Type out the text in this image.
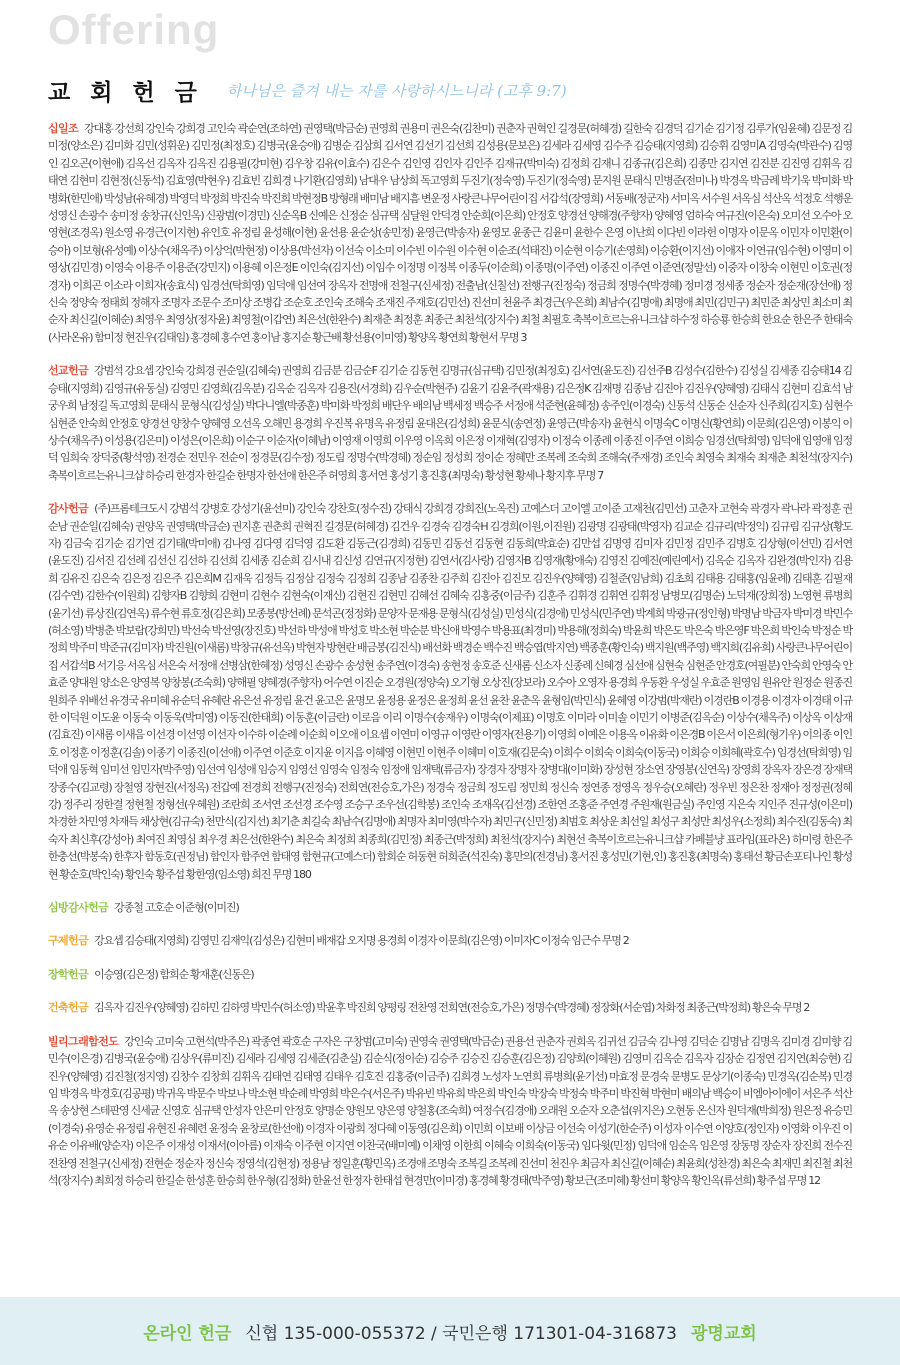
Offering
교 회 헌 금 하나님은 즐겨 내는 자를 사랑하시느니라 (고후 9:7)
십일조 강대홍 강선희 강인숙 강희경 고인숙 곽순연(조하연) 권영택(박금순) 권영희 권용미 권은숙(김찬미) 권춘자 권혁인 길경문(허혜경) 길한숙 김경덕 김기순 김기정 김루가(임윤혜) 김문정 김미정(양소은) 김미화 김민(성휘운) 김민정(최정호) 김병국(윤승애) 김병순 김삼희 김서연 김선기 김선희 김성용(문보은) 김세라 김세영 김수주 김승태(지영희) 김승휘 김영미A 김영숙(박관수) 김영인 김오곤(이현애) 김옥선 김옥자 김옥진 김용필(강미현) 김우창 김유(이효수) 김은수 김인영 김인자 김인주 김재규(박미숙) 김정희 김재니 김종규(김은희) 김종만 김지연 김진분 김진영 김휘옥 김태연 김현미 김현정(신동석) 김효영(박현우) 김효빈 김희경 나기환(김영희) 남대우 남상희 독고영희 두진기(정숙영) 두진기(정숙영) 문지원 문태식 민병준(전미나) 박경옥 박금례 박기욱 박미화 박병화(한민애) 박성남(유혜경) 박영덕 박정희 박진숙 박진희 박현정B 방형래 배미남 배지흠 변운정 사랑큰나무어린이집 서갑석(장영희) 서동배(정군자) 서미옥 서수원 서옥심 석산옥 석정호 석행운 성영신 손광수 송미정 송창규(신인옥) 신광범(이경민) 신순옥B 신예은 신정순 심규택 심달원 안덕경 안순희(이은희) 안정호 양경선 양해경(주향자) 양혜영 엄하숙 여규진(이은숙) 오미선 오수아 오영현(조경옥) 원소영 유경근(이지현) 유인호 유정림 윤성해(이현) 윤선용 윤순상(송민정) 윤영근(박송자) 윤영모 윤종근 김윤미 윤한수 은영 이난희 이다빈 이라헌 이명자 이문옥 이민자 이민환(이승아) 이보형(유성예) 이상수(채옥주) 이상억(박현정) 이상용(박선자) 이선숙 이소미 이수빈 이수원 이수현 이순조(석태진) 이순현 이승기(손영희) 이승환(이지선) 이애자 이연규(임수현) 이영미 이영상(김민경) 이영숙 이용주 이용준(강민지) 이용혜 이은정E 이인숙(김지선) 이임수 이정명 이정복 이종두(이순희) 이종명(이주연) 이종진 이주연 이준연(정말선) 이중자 이창숙 이현민 이호권(정경자) 이희곤 이소라 이희자(송효식) 임경선(탁희영) 임덕애 임선여 장옥자 전명애 전철구(신세정) 전출남(신칠선) 전행구(진정숙) 정금희 정명수(박경혜) 정미경 정세종 정순자 정순재(장선애) 정신숙 정양숙 정태희 정해자 조명자 조문수 조미상 조병갑 조순호 조인숙 조해숙 조재진 주재호(김민선) 진선미 천윤주 최경근(우은희) 최남수(김명애) 최명애 최민(김민구) 최민준 최상민 최소미 최순자 최신길(이혜순) 최영우 최영상(정자윤) 최영철(이갑연) 최은선(한완수) 최재춘 최정훈 최종근 최천석(장지수) 최철 최필호 축복이흐르는유니크샵 하수정 하승룡 한승희 한요순 한은주 한태숙(사라온유) 함미정 현진우(김태임) 홍경혜 홍수연 홍이남 홍지순 황근배 황선용(이미영) 황양옥 황연희 황현서 무명 3
선교헌금 강범석 강요셉 강인숙 강희경 권순일(김혜숙) 권영희 김금분 김금순F 김기순 김동현 김명규(심규택) 김민정(최정호) 김서연(윤도진) 김선주B 김성수(김한수) 김성실 김세종 김승태14 김승태(지영희) 김영규(유동실) 김영민 김영희(김옥분) 김옥순 김옥자 김용진(서경희) 김우순(박현주) 김윤기 김윤주(곽재용) 김은정K 김재명 김종남 김진아 김진우(양혜영) 김태식 김현미 김효석 남궁우희 남정길 독고영희 문태식 문형식(김성실) 박다니엘(박종훈) 박미화 박정희 배단우 배의남 백세정 백승주 서정애 석준현(윤혜정) 송주인(이경숙) 신동석 신동순 신순자 신주희(김지호) 심현수 심현준 안숙희 안정호 양경선 양창수 양혜영 오선옥 오해민 용경희 우진복 유명옥 유정림 윤대은(김성희) 윤문식(송연정) 윤영근(박송자) 윤현식 이명숙C 이명신(황연희) 이문희(김은영) 이봉익 이상수(채옥주) 이성용(김은미) 이성은(이은희) 이순구 이순자(이혜남) 이영재 이영희 이우영 이옥희 이은정 이재혁(김영자) 이정숙 이종례 이종진 이주연 이희승 임경선(탁희영) 임덕애 임영애 임정덕 임희숙 장덕중(황석영) 전경순 전민우 전순이 정경문(김수정) 정도림 정명수(박경혜) 정순임 정성희 정이순 정혜만 조복례 조숙희 조해숙(주재경) 조인숙 최영숙 최재숙 최재춘 최천석(장지수) 축복이흐르는유니크샵 하승리 한경자 한길순 한명자 한선애 한은주 허영희 홍서연 홍성기 홍진홍(최명숙) 황성현 황세나 황지후 무명 7
감사헌금 (주)프롬테크도시 강범석 강병호 강성기(윤선미) 강인숙 강찬호(정수진) 강태식 강희경 강희진(노옥진) 고예스더 고이엘 고이준 고재천(김민선) 고춘자 고현숙 곽경자 곽나라 곽정훈 권순남 권순일(김혜숙) 권양옥 권영택(박금순) 권지훈 권춘희 권혁진 길경문(허혜경) 김건우 김경숙 김경숙H 김경희(이원,이진원) 김광명 김광태(박영자) 김교순 김규리(박정익) 김규림 김규상(황도자) 김금숙 김기순 김기연 김기태(박미애) 김나영 김다영 김덕영 김도환 김동근(김경희) 김동민 김동선 김동현 김동희(박효순) 김만섭 김명영 김미자 김민정 김민주 김병호 김상형(이선민) 김서연(윤도진) 김서진 김선례 김선신 김선하 김선희 김세종 김순희 김시내 김신성 김연규(지정현) 김연서(김사랑) 김영자B 김영재(황애숙) 김영진 김예진(예린예서) 김옥순 김옥자 김완경(박인자) 김용희 김유진 김은숙 김은정 김은주 김은희M 김재욱 김정득 김정삼 김정숙 김정희 김종남 김종찬 김주희 김진아 김진모 김진우(양혜영) 김철준(임남희) 김초희 김태용 김태홍(임윤례) 김태훈 김필재(김수연) 김한수(이원희) 김향자B 김향희 김현미 김현수 김현숙(이재신) 김현진 김현민 김혜선 김혜숙 김홍중(이금주) 김훈주 김휘경 김휘연 김휘정 남병모(김명순) 노덕재(장희정) 노영현 류병희(윤기선) 류상진(김연옥) 류수현 류호정(김은희) 모종봉(방선례) 문석곤(정정화) 문양자 문재용 문형식(김성실) 민성식(김경애) 민성식(민주연) 박계희 박광규(정인형) 박명남 박금자 박미경 박민수(허소영) 박병춘 박보람(강희민) 박선숙 박선영(장진호) 박선하 박성애 박성호 박소현 박순분 박신애 박영수 박용표(최경미) 박용해(정희숙) 박윤희 박은도 박은숙 박은영F 박은희 박인숙 박정순 박정희 박주미 박준규(김미자) 박진원(이새롬) 박창규(유선옥) 박현자 방현란 배금봉(김진식) 배선화 백경순 백수진 백승엽(박지연) 백종훈(황인숙) 백지원(백주영) 백지희(김유희) 사랑큰나무어린이집 서갑석B 서기응 서옥심 서은숙 서정애 선병삼(한혜정) 성영신 손광수 송성현 송주연(이경숙) 송현정 송호준 신새롬 신소자 신종례 신혜경 심선애 심현숙 심현준 안경호(여필분) 안숙희 안영숙 안효준 양대원 양소은 양영복 양창봉(조숙희) 양해필 양혜경(주향자) 어수연 이진순 오경원(정양숙) 오기형 오상진(장보라) 오수아 오영자 용경희 우동환 우성실 우효준 원영임 원유안 원정순 원종진 원희주 위배선 유경국 유미혜 유순덕 유혜란 유은선 유정림 윤건 윤고은 윤명모 윤정용 윤정은 윤정희 윤선 윤찬 윤춘옥 윤형임(박민식) 윤혜영 이강범(박재란) 이경란B 이경용 이경자 이경태 이규한 이덕원 이도윤 이동숙 이동욱(박미영) 이동진(한태희) 이동훈(이금란) 이로음 이리 이명수(송재우) 이명숙(이제표) 이명호 이미라 이미솔 이민기 이병준(김옥순) 이상수(채옥주) 이상옥 이상재(김효진) 이새롬 이새음 이선경 이선영 이선자 이수하 이순례 이순희 이오애 이요셉 이연미 이영규 이영란 이영자(전용기) 이영희 이예은 이용옥 이유화 이은경B 이은서 이은희(형기우) 이의종 이인호 이정훈 이정훈(김솔) 이종기 이종진(이선애) 이주연 이준호 이지윤 이지음 이혜영 이현민 이현주 이혜미 이호재(김문숙) 이희수 이희숙 이희숙(이동국) 이희승 이희혜(곽호수) 임경선(탁희영) 임덕애 임동혁 임미선 임민자(박주영) 임선여 임성애 임승지 임영선 임영숙 임정숙 임정애 임재택(류금자) 장경자 장명자 장병대(이미화) 장성현 장소연 장영봉(신연옥) 장영희 장옥자 장은경 장재택 장종수(김교령) 장철영 장현진(서정옥) 전갑예 전경희 전행구(진정숙) 전희연(전승호,가은) 정경숙 정금희 정도림 정민희 정신숙 정연종 정영옥 정우승(오혜란) 정우빈 정은찬 정재아 정정권(정혜강) 정주리 정한결 정현철 정형선(우혜원) 조란희 조서연 조선경 조수영 조승구 조우선(김학봉) 조인숙 조재옥(김선경) 조한연 조홍준 주연경 주원재(원금실) 주인영 지은숙 지인주 진규성(이은미) 차경한 차민영 차재득 채상현(김규숙) 천만식(김지선) 최기춘 최길숙 최남수(김명애) 최명자 최미영(박수자) 최민구(신민정) 최범호 최상운 최선일 최성구 최성만 최성우(소정희) 최수진(김동숙) 최숙자 최신후(강성아) 최여진 최영심 최우경 최은선(한완수) 최은숙 최정희 최종희(김민정) 최종근(박정희) 최천석(장지수) 최현선 축복이흐르는유니크샵 카페블냥 표라임(표라온) 하미령 한은주 한충선(박봉숙) 한후자 함동호(권정님) 함인자 함주연 함태영 함현규(고예스더) 함희순 허동현 허희준(석진숙) 홍만의(전경님) 홍서진 홍성민(기현,인) 홍진홍(최명숙) 홍태선 황금손포티나인 황성현 황순호(박인숙) 황인숙 황주섭 황한영(임소영) 희진 무명 180
심방감사헌금 강종철 고호순 이준형(이미진)
구제헌금 강요셉 김승태(지영희) 김영민 김재익(김성은) 김현미 배재갑 오지명 용경희 이경자 이문희(김은영) 이미자C 이정숙 임근수 무명 2
장학헌금 이승영(김은정) 함희순 황재훈(신동은)
건축헌금 김옥자 김진우(양혜영) 김하민 김하영 박민수(허소영) 박윤후 박진희 양평링 전찬영 전희연(전승호,가은) 정명수(박경혜) 정장화(서순엽) 차화정 최종근(박정희) 황은숙 무명 2
빌리그래함전도 강인숙 고미숙 고현석(박주은) 곽종연 곽호순 구자은 구창범(고미숙) 권영숙 권영택(박금순) 권용선 권춘자 권희옥 김귀선 김금숙 김나영 김덕순 김명남 김명옥 김미경 김미향 김민수(이은경) 김병국(윤승애) 김상우(류미진) 김세라 김세영 김세준(김춘실) 김순식(정이순) 김승주 김승진 김승훈(김은정) 김양희(이혜원) 김영미 김옥순 김옥자 김장순 김정연 김지연(최승현) 김진우(양혜영) 김진철(정지영) 김창수 김창희 김휘옥 김태연 김태영 김태우 김호진 김홍중(이금주) 김희경 노성자 노연희 류병희(윤기선) 마효정 문경숙 문병도 문상기(이종숙) 민경옥(김순복) 민경임 박경옥 박경호(김공평) 박귀옥 박문수 박보나 박소현 박순례 박영희 박은수(서은주) 박유빈 박유희 박은희 박인숙 박장숙 박정숙 박주미 박진혁 박현미 배의남 백승이 비엠아이에이 서은주 석산옥 송상현 스테판영 신세균 신영호 심규택 안성자 안은미 안정호 양명순 양원모 양은영 양철홍(조숙희) 여정수(김경애) 오래원 오순자 오춘섭(위지은) 오현동 온신자 원덕재(박희정) 원은정 유승민(이경숙) 유영순 유정림 유현진 유혜련 윤정숙 윤창로(한선애) 이경자 이광희 정다혜 이동영(김은희) 이민희 이보배 이상금 이선숙 이성기(한순주) 이성자 이수연 이양호(정인자) 이영화 이우진 이유순 이유배(양순자) 이은주 이재성 이재서(이아름) 이재숙 이주현 이지연 이찬국(배미예) 이채영 이한희 이혜숙 이희숙(이동국) 임다윗(민정) 임덕애 임순옥 임은영 장동명 장순자 장진희 전수진 전찬영 전철구(신세정) 전현순 정순자 정신숙 정영석(김현정) 정용남 정일훈(황민옥) 조경애 조명숙 조복길 조복례 진선미 천진우 최금자 최신길(이혜순) 최윤희(성찬경) 최은숙 최재민 최진철 최천석(장지수) 최희정 하승리 한길순 한성훈 한승희 한우형(김정화) 한윤선 한정자 한태섭 현경만(이미경) 홍경혜 황경태(박주영) 황보근(조미혜) 황선미 황양옥 황인옥(류선희) 황주섭 무명 12
온라인 헌금 신협 135-000-055372 / 국민은행 171301-04-316873 광명교회
